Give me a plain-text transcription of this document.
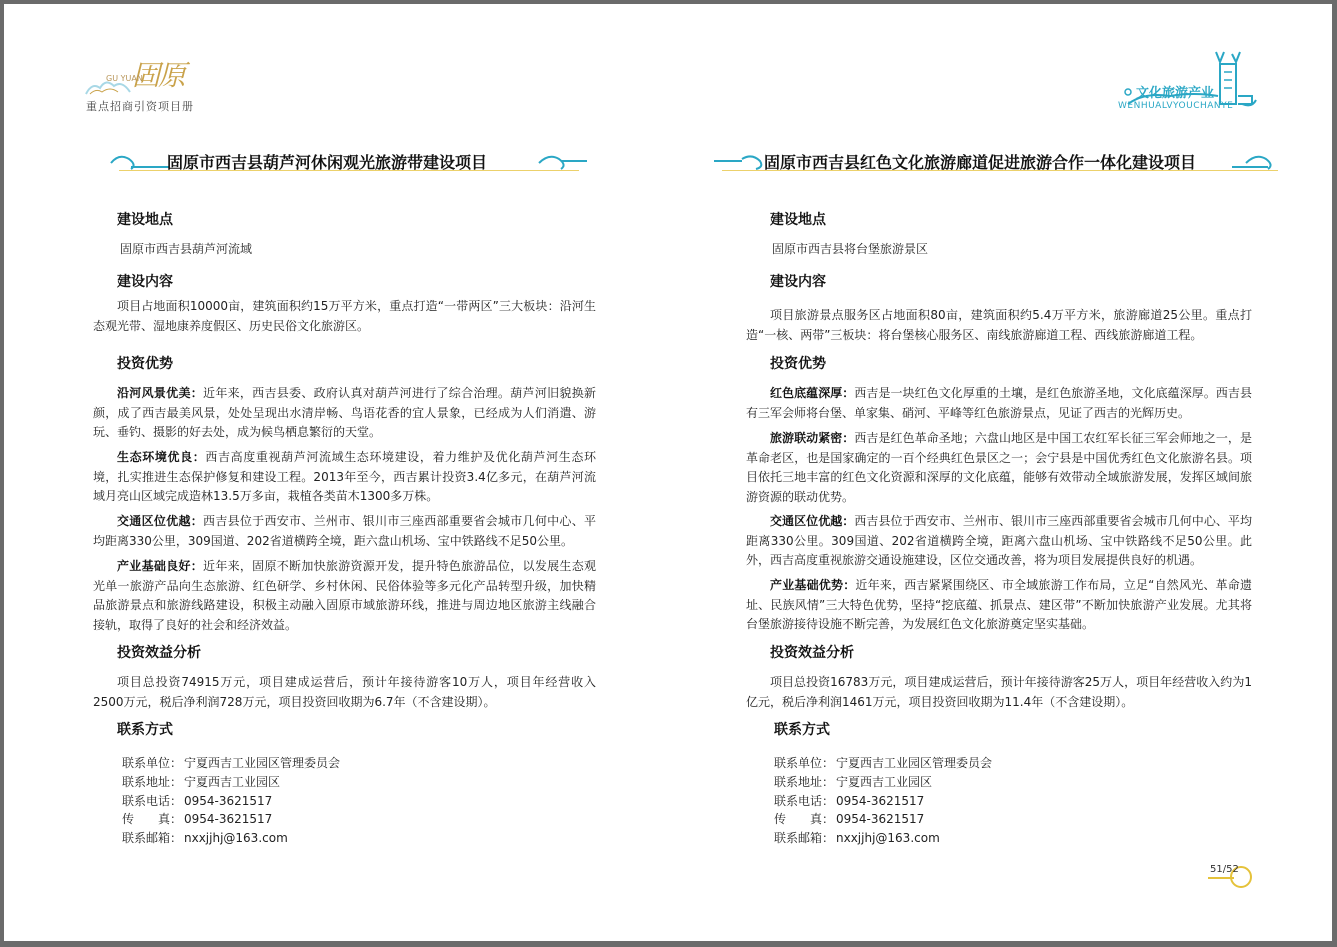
固原
GU YUAN
重点招商引资项目册
文化旅游产业
WENHUALVYOUCHANYE
固原市西吉县葫芦河休闲观光旅游带建设项目
建设地点
固原市西吉县葫芦河流域
建设内容
项目占地面积10000亩，建筑面积约15万平方米，重点打造“一带两区”三大板块：沿河生态观光带、湿地康养度假区、历史民俗文化旅游区。
投资优势
沿河风景优美：近年来，西吉县委、政府认真对葫芦河进行了综合治理。葫芦河旧貌换新颜，成了西吉最美风景，处处呈现出水清岸畅、鸟语花香的宜人景象，已经成为人们消遣、游玩、垂钓、摄影的好去处，成为候鸟栖息繁衍的天堂。
生态环境优良：西吉高度重视葫芦河流域生态环境建设，着力维护及优化葫芦河生态环境，扎实推进生态保护修复和建设工程。2013年至今，西吉累计投资3.4亿多元，在葫芦河流域月亮山区域完成造林13.5万多亩，栽植各类苗木1300多万株。
交通区位优越：西吉县位于西安市、兰州市、银川市三座西部重要省会城市几何中心、平均距离330公里，309国道、202省道横跨全境，距六盘山机场、宝中铁路线不足50公里。
产业基础良好：近年来，固原不断加快旅游资源开发，提升特色旅游品位，以发展生态观光单一旅游产品向生态旅游、红色研学、乡村休闲、民俗体验等多元化产品转型升级，加快精品旅游景点和旅游线路建设，积极主动融入固原市域旅游环线，推进与周边地区旅游主线融合接轨，取得了良好的社会和经济效益。
投资效益分析
项目总投资74915万元，项目建成运营后，预计年接待游客10万人，项目年经营收入2500万元，税后净利润728万元，项目投资回收期为6.7年（不含建设期）。
联系方式
联系单位： 宁夏西吉工业园区管理委员会
联系地址： 宁夏西吉工业园区
联系电话： 0954-3621517
传　　真： 0954-3621517
联系邮箱： nxxjjhj@163.com
固原市西吉县红色文化旅游廊道促进旅游合作一体化建设项目
建设地点
固原市西吉县将台堡旅游景区
建设内容
项目旅游景点服务区占地面积80亩，建筑面积约5.4万平方米，旅游廊道25公里。重点打造“一核、两带”三板块：将台堡核心服务区、南线旅游廊道工程、西线旅游廊道工程。
投资优势
红色底蕴深厚：西吉是一块红色文化厚重的土壤，是红色旅游圣地，文化底蕴深厚。西吉县有三军会师将台堡、单家集、硝河、平峰等红色旅游景点，见证了西吉的光辉历史。
旅游联动紧密：西吉是红色革命圣地；六盘山地区是中国工农红军长征三军会师地之一，是革命老区，也是国家确定的一百个经典红色景区之一；会宁县是中国优秀红色文化旅游名县。项目依托三地丰富的红色文化资源和深厚的文化底蕴，能够有效带动全域旅游发展，发挥区域间旅游资源的联动优势。
交通区位优越：西吉县位于西安市、兰州市、银川市三座西部重要省会城市几何中心、平均距离330公里。309国道、202省道横跨全境，距离六盘山机场、宝中铁路线不足50公里。此外，西吉高度重视旅游交通设施建设，区位交通改善，将为项目发展提供良好的机遇。
产业基础优势：近年来，西吉紧紧围绕区、市全域旅游工作布局，立足“自然风光、革命遗址、民族风情”三大特色优势，坚持“挖底蕴、抓景点、建区带”不断加快旅游产业发展。尤其将台堡旅游接待设施不断完善，为发展红色文化旅游奠定坚实基础。
投资效益分析
项目总投资16783万元，项目建成运营后，预计年接待游客25万人，项目年经营收入约为1亿元，税后净利润1461万元，项目投资回收期为11.4年（不含建设期）。
联系方式
联系单位： 宁夏西吉工业园区管理委员会
联系地址： 宁夏西吉工业园区
联系电话： 0954-3621517
传　　真： 0954-3621517
联系邮箱： nxxjjhj@163.com
51/52
